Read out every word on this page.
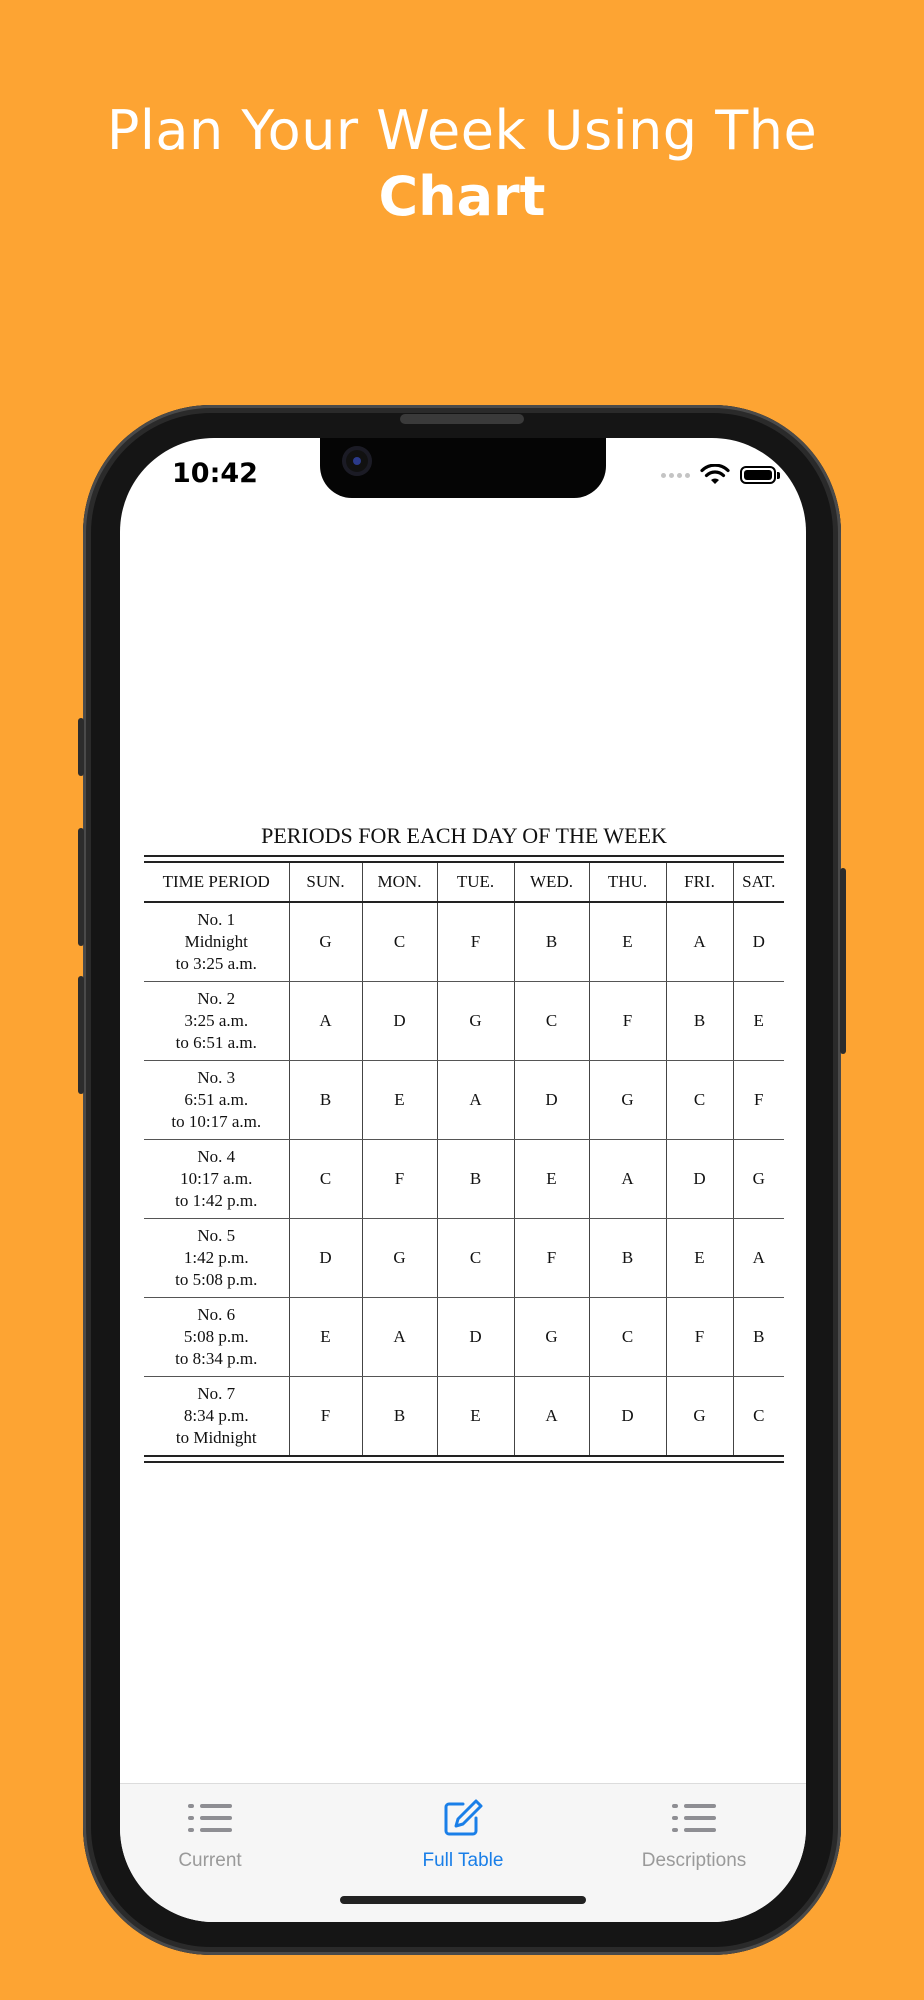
Plan Your Week Using The
Chart
10:42
PERIODS FOR EACH DAY OF THE WEEK
TIME PERIOD	SUN.	MON.	TUE.	WED.	THU.	FRI.	SAT.

No. 1
Midnight
to 3:25 a.m.	G	C	F	B	E	A	D

No. 2
3:25 a.m.
to 6:51 a.m.	A	D	G	C	F	B	E

No. 3
6:51 a.m.
to 10:17 a.m.	B	E	A	D	G	C	F

No. 4
10:17 a.m.
to 1:42 p.m.	C	F	B	E	A	D	G

No. 5
1:42 p.m.
to 5:08 p.m.	D	G	C	F	B	E	A

No. 6
5:08 p.m.
to 8:34 p.m.	E	A	D	G	C	F	B

No. 7
8:34 p.m.
to Midnight	F	B	E	A	D	G	C
Current	Full Table	Descriptions
